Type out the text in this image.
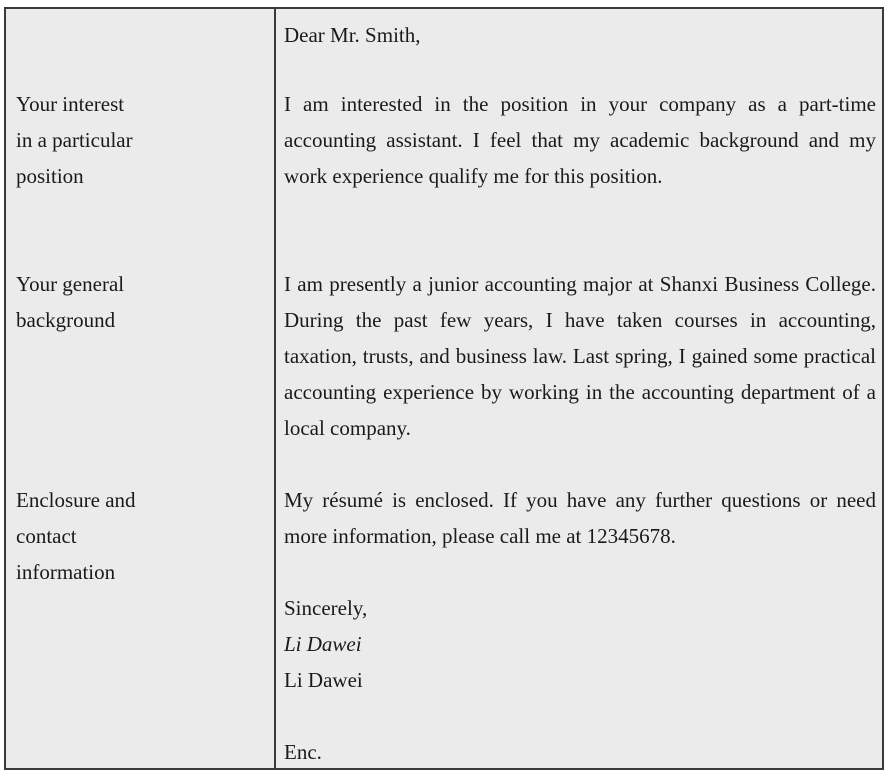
Dear Mr. Smith,
Your interest
in a particular
position
I am interested in the position in your company as a part-time accounting assistant. I feel that my academic background and my work experience qualify me for this position.
Your general
background
I am presently a junior accounting major at Shanxi Business College. During the past few years, I have taken courses in accounting, taxation, trusts, and business law. Last spring, I gained some practical accounting experience by working in the accounting department of a local company.
Enclosure and
contact
information
My résumé is enclosed. If you have any further questions or need more information, please call me at 12345678.
Sincerely,
Li Dawei
Li Dawei
Enc.
